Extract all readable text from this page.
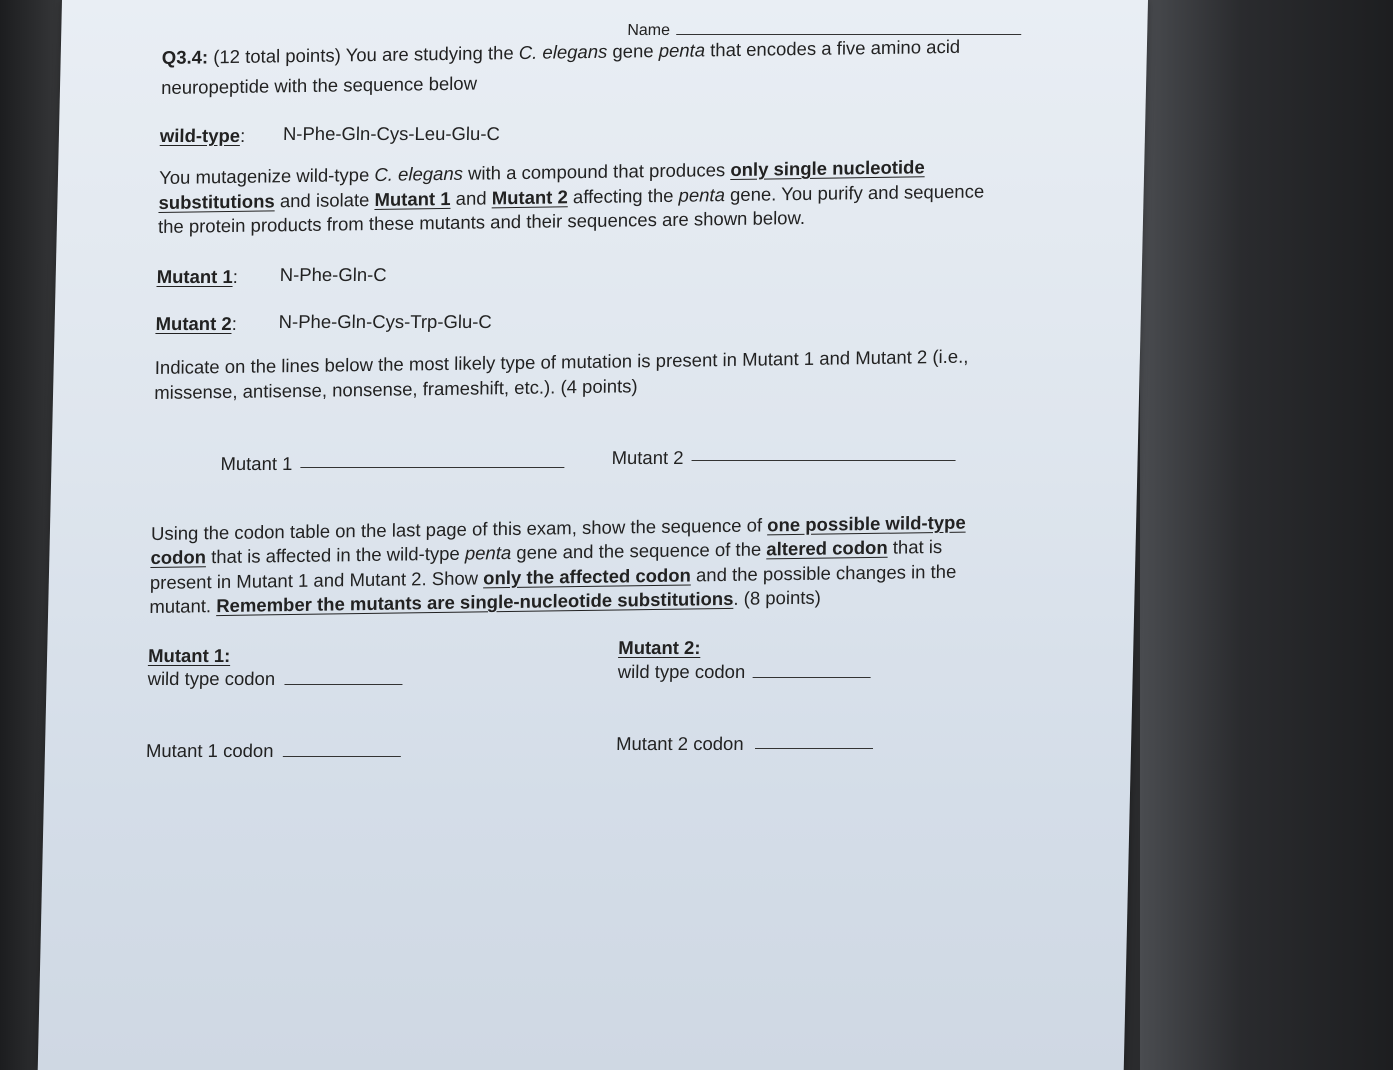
Name
Q3.4: (12 total points) You are studying the C. elegans gene penta that encodes a five amino acid
neuropeptide with the sequence below
wild-type: N-Phe-Gln-Cys-Leu-Glu-C
You mutagenize wild-type C. elegans with a compound that produces only single nucleotide
substitutions and isolate Mutant 1 and Mutant 2 affecting the penta gene. You purify and sequence
the protein products from these mutants and their sequences are shown below.
Mutant 1: N-Phe-Gln-C
Mutant 2: N-Phe-Gln-Cys-Trp-Glu-C
Indicate on the lines below the most likely type of mutation is present in Mutant 1 and Mutant 2 (i.e.,
missense, antisense, nonsense, frameshift, etc.). (4 points)
Mutant 1	Mutant 2
Using the codon table on the last page of this exam, show the sequence of one possible wild-type
codon that is affected in the wild-type penta gene and the sequence of the altered codon that is
present in Mutant 1 and Mutant 2. Show only the affected codon and the possible changes in the
mutant. Remember the mutants are single-nucleotide substitutions. (8 points)
Mutant 1:
wild type codon
Mutant 1 codon
Mutant 2:
wild type codon
Mutant 2 codon
